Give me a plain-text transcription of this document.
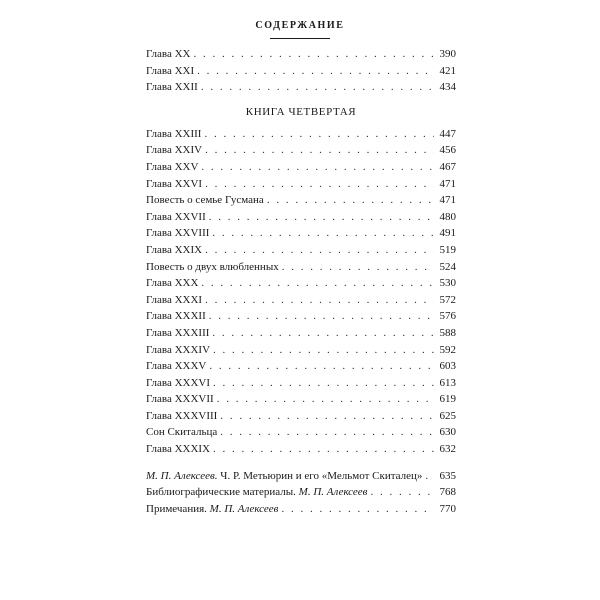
СОДЕРЖАНИЕ
Глава XX . . .	390
Глава XXI . . .	421
Глава XXII . . .	434
КНИГА ЧЕТВЕРТАЯ
Глава XXIII . . .	447
Глава XXIV . . .	456
Глава XXV . . .	467
Глава XXVI . . .	471
Повесть о семье Гусмана . . .	471
Глава XXVII . . .	480
Глава XXVIII . . .	491
Глава XXIX . . .	519
Повесть о двух влюбленных . . .	524
Глава XXX . . .	530
Глава XXXI . . .	572
Глава XXXII . . .	576
Глава XXXIII . . .	588
Глава XXXIV . . .	592
Глава XXXV . . .	603
Глава XXXVI . . .	613
Глава XXXVII . . .	619
Глава XXXVIII . . .	625
Сон Скитальца . . .	630
Глава XXXIX . . .	632
М. П. Алексеев. Ч. Р. Метьюрин и его «Мельмот Скиталец» . . .	635
Библиографические материалы. М. П. Алексеев . . .	768
Примечания. М. П. Алексеев . . .	770
